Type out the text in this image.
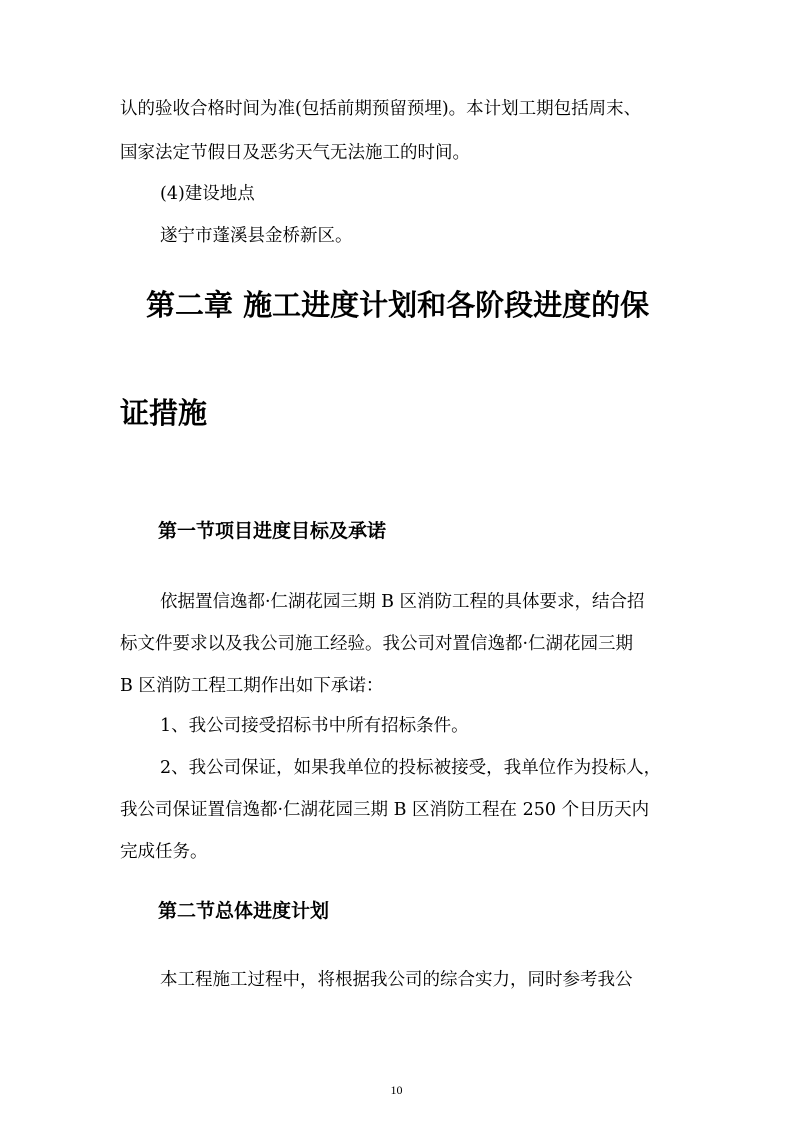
认的验收合格时间为准(包括前期预留预埋)。本计划工期包括周末、
国家法定节假日及恶劣天气无法施工的时间。
(4)建设地点
遂宁市蓬溪县金桥新区。
第二章 施工进度计划和各阶段进度的保
证措施
第一节项目进度目标及承诺
依据置信逸都·仁湖花园三期 B 区消防工程的具体要求，结合招
标文件要求以及我公司施工经验。我公司对置信逸都·仁湖花园三期
B 区消防工程工期作出如下承诺：
1、我公司接受招标书中所有招标条件。
2、我公司保证，如果我单位的投标被接受，我单位作为投标人，
我公司保证置信逸都·仁湖花园三期 B 区消防工程在 250 个日历天内
完成任务。
第二节总体进度计划
本工程施工过程中，将根据我公司的综合实力，同时参考我公
10
